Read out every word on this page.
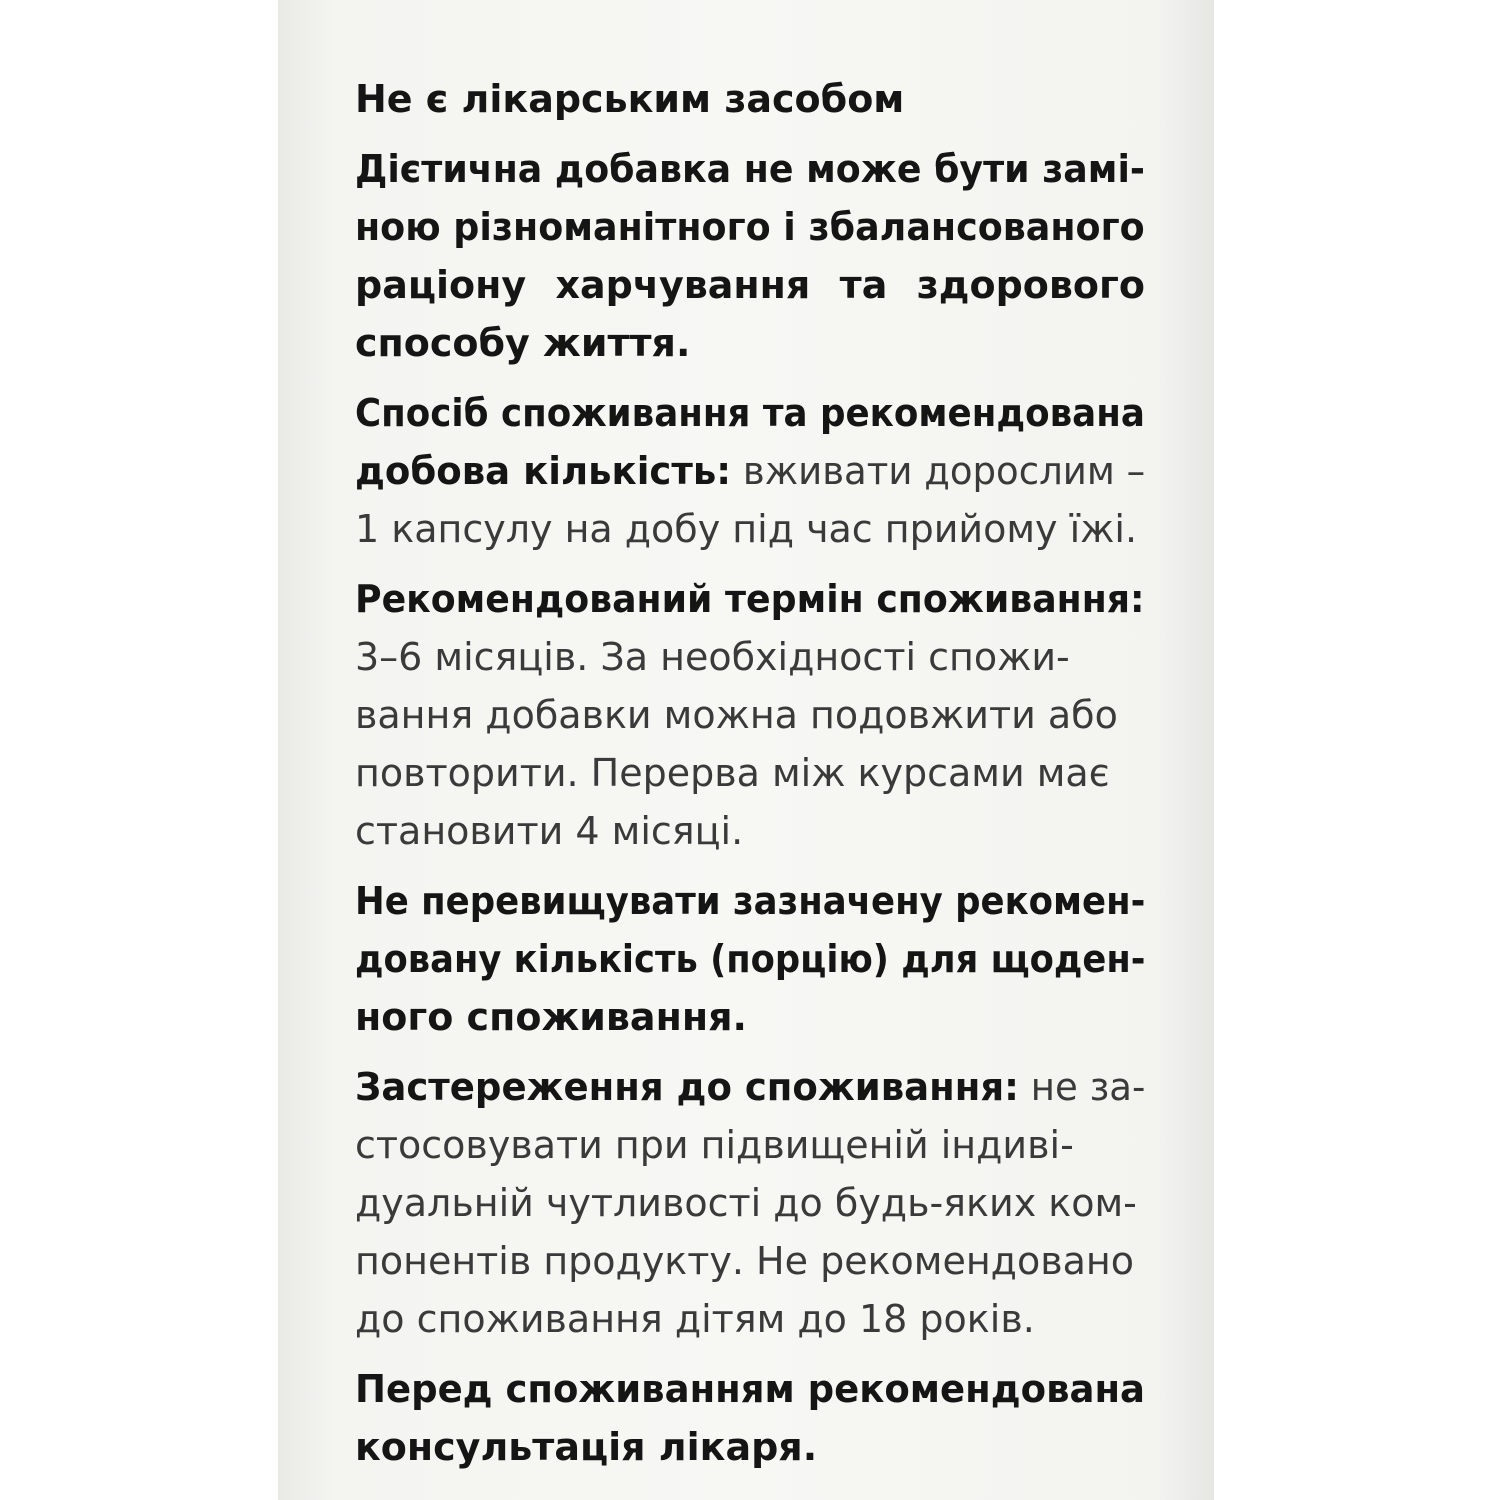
Не є лікарським засобом
Дієтична добавка не може бути замі-
ною різноманітного і збалансованого
раціону харчування та здорового
способу життя.
Спосіб споживання та рекомендована
добова кількість: вживати дорослим –
1 капсулу на добу під час прийому їжі.
Рекомендований термін споживання:
3–6 місяців. За необхідності спожи-
вання добавки можна подовжити або
повторити. Перерва між курсами має
становити 4 місяці.
Не перевищувати зазначену рекомен-
довану кількість (порцію) для щоден-
ного споживання.
Застереження до споживання: не за-
стосовувати при підвищеній індиві-
дуальній чутливості до будь-яких ком-
понентів продукту. Не рекомендовано
до споживання дітям до 18 років.
Перед споживанням рекомендована
консультація лікаря.
